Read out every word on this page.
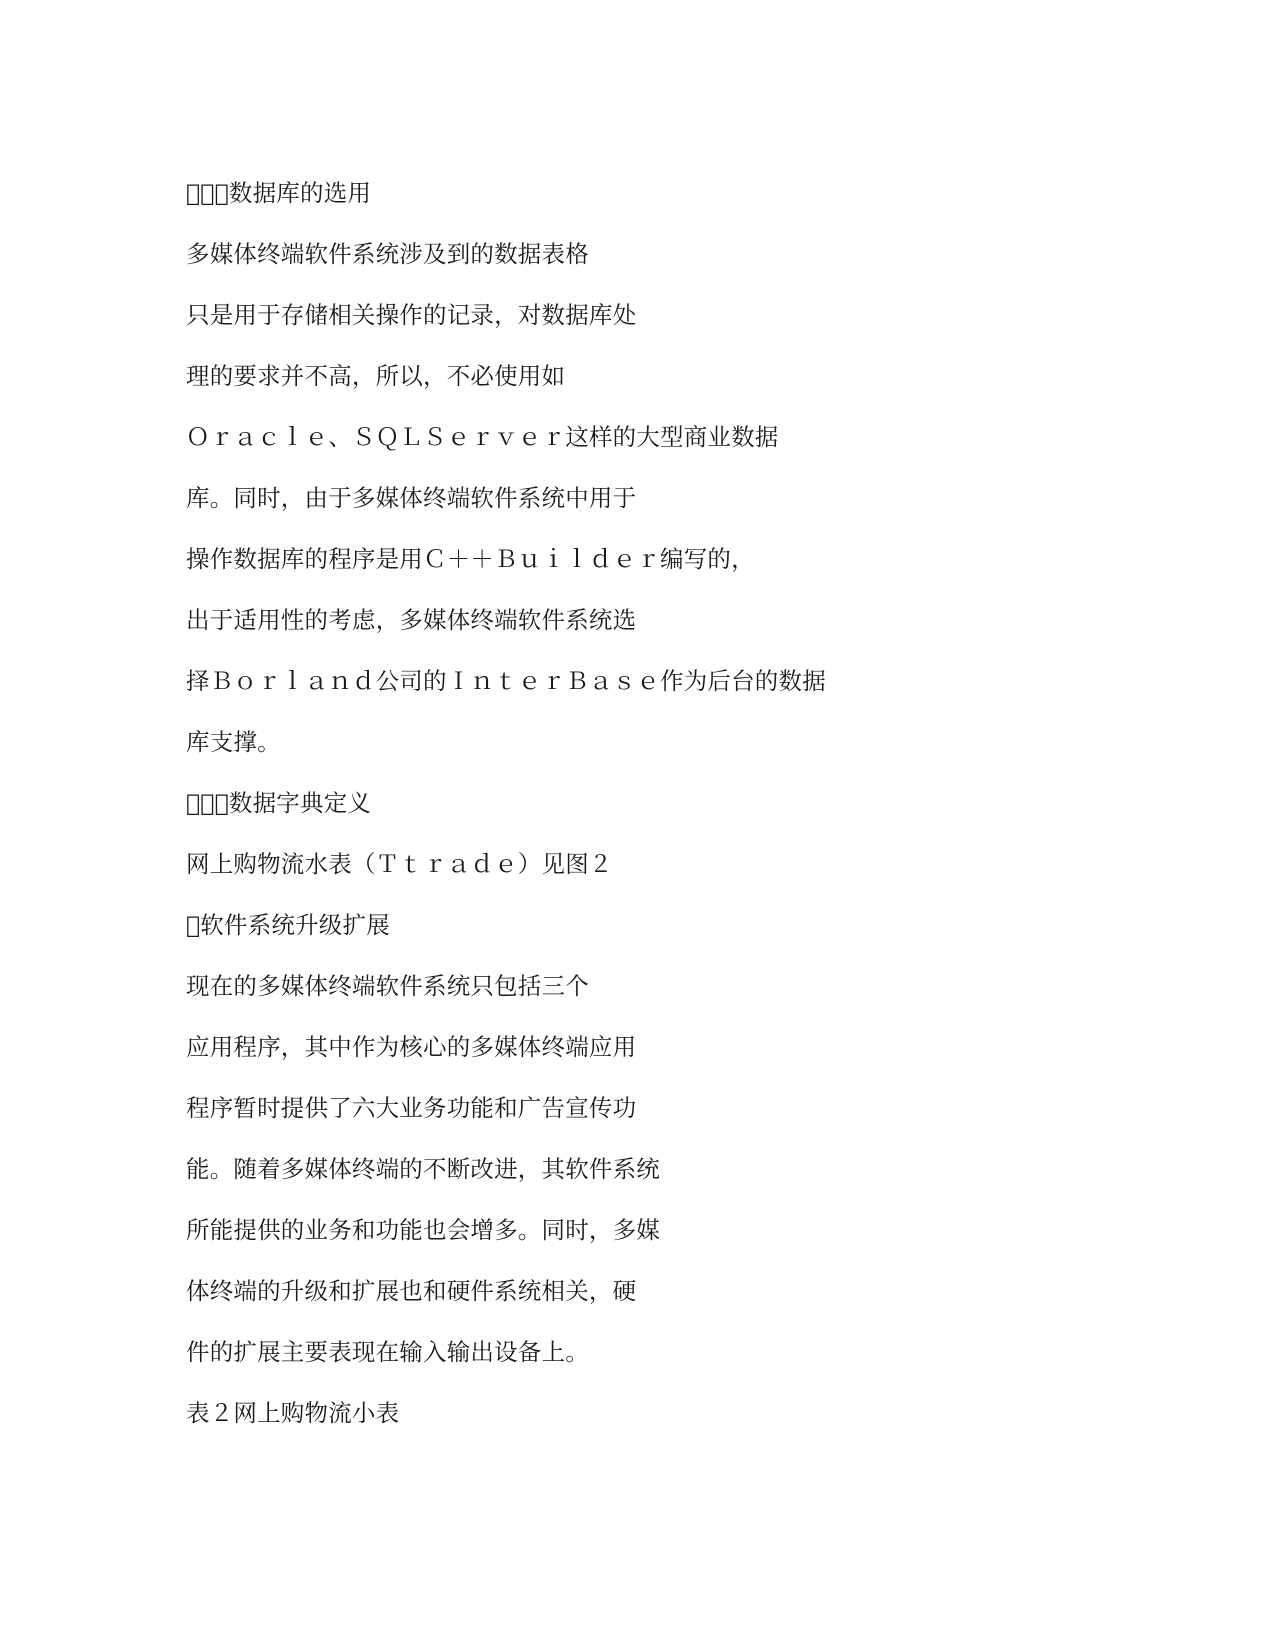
５．１឴数据库的选用
多媒体终端软件系统涉及到的数据表格
只是用于存储相关操作的记录，对数据库处
理的要求并不高，所以，不必使用如
Ｏｒａｃｌｅ、ＳＱＬ឴Ｓｅｒｖｅｒ这样的大型商业数据
库。同时，由于多媒体终端软件系统中用于
操作数据库的程序是用Ｃ＋＋Ｂｕｉｌｄｅｒ编写的，
出于适用性的考虑，多媒体终端软件系统选
择Ｂｏｒｌａｎｄ公司的ＩｎｔｅｒＢａｓｅ作为后台的数据
库支撑。
５．２឴数据字典定义
网上购物流水表（Ｔｔｒａｄｅ）见图２
６឴软件系统升级扩展
现在的多媒体终端软件系统只包括三个
应用程序，其中作为核心的多媒体终端应用
程序暂时提供了六大业务功能和广告宣传功
能。随着多媒体终端的不断改进，其软件系统
所能提供的业务和功能也会增多。同时，多媒
体终端的升级和扩展也和硬件系统相关，硬
件的扩展主要表现在输入输出设备上。
឴表２឴网上购物流小表
